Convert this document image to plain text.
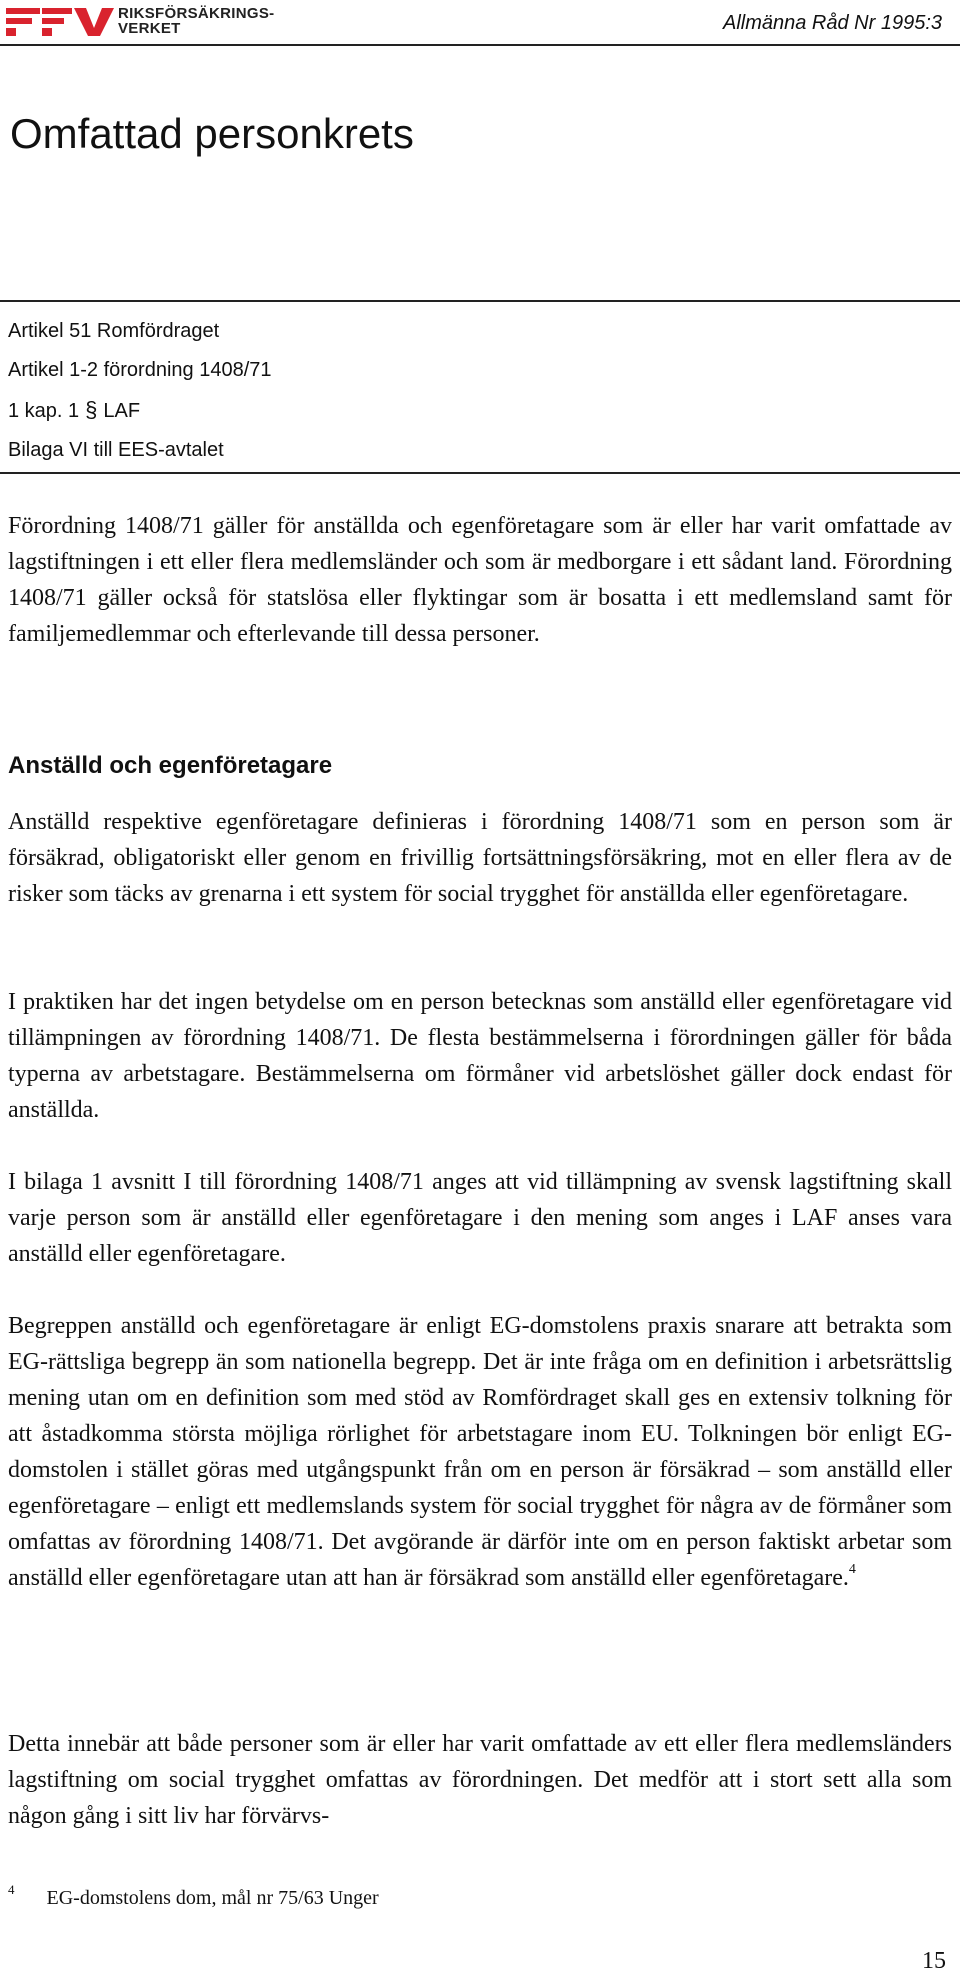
RIKSFÖRSÄKRINGS-
VERKET	Allmänna Råd Nr 1995:3
Omfattad personkrets
Artikel 51 Romfördraget
Artikel 1-2 förordning 1408/71
1 kap. 1 § LAF
Bilaga VI till EES-avtalet

Förordning 1408/71 gäller för anställda och egenföretagare som är eller har varit omfattade av lagstiftningen i ett eller flera medlemsländer och som är medborgare i ett sådant land. Förordning 1408/71 gäller också för statslösa eller flyktingar som är bosatta i ett medlemsland samt för familjemedlemmar och efterlevande till dessa personer.

Anställd och egenföretagare

Anställd respektive egenföretagare definieras i förordning 1408/71 som en person som är försäkrad, obligatoriskt eller genom en frivillig fortsättningsförsäkring, mot en eller flera av de risker som täcks av grenarna i ett system för social trygghet för anställda eller egenföretagare.

I praktiken har det ingen betydelse om en person betecknas som anställd eller egenföretagare vid tillämpningen av förordning 1408/71. De flesta bestämmelserna i förordningen gäller för båda typerna av arbetstagare. Bestämmelserna om förmåner vid arbetslöshet gäller dock endast för anställda.

I bilaga 1 avsnitt I till förordning 1408/71 anges att vid tillämpning av svensk lagstiftning skall varje person som är anställd eller egenföretagare i den mening som anges i LAF anses vara anställd eller egenföretagare.

Begreppen anställd och egenföretagare är enligt EG-domstolens praxis snarare att betrakta som EG-rättsliga begrepp än som nationella begrepp. Det är inte fråga om en definition i arbetsrättslig mening utan om en definition som med stöd av Romfördraget skall ges en extensiv tolkning för att åstadkomma största möjliga rörlighet för arbetstagare inom EU. Tolkningen bör enligt EG-domstolen i stället göras med utgångspunkt från om en person är försäkrad – som anställd eller egenföretagare – enligt ett medlemslands system för social trygghet för några av de förmåner som omfattas av förordning 1408/71. Det avgörande är därför inte om en person faktiskt arbetar som anställd eller egenföretagare utan att han är försäkrad som anställd eller egenföretagare.$^4$

Detta innebär att både personer som är eller har varit omfattade av ett eller flera medlemsländers lagstiftning om social trygghet omfattas av förordningen. Det medför att i stort sett alla som någon gång i sitt liv har förvärvs-

$^4$ EG-domstolens dom, mål nr 75/63 Unger
15
